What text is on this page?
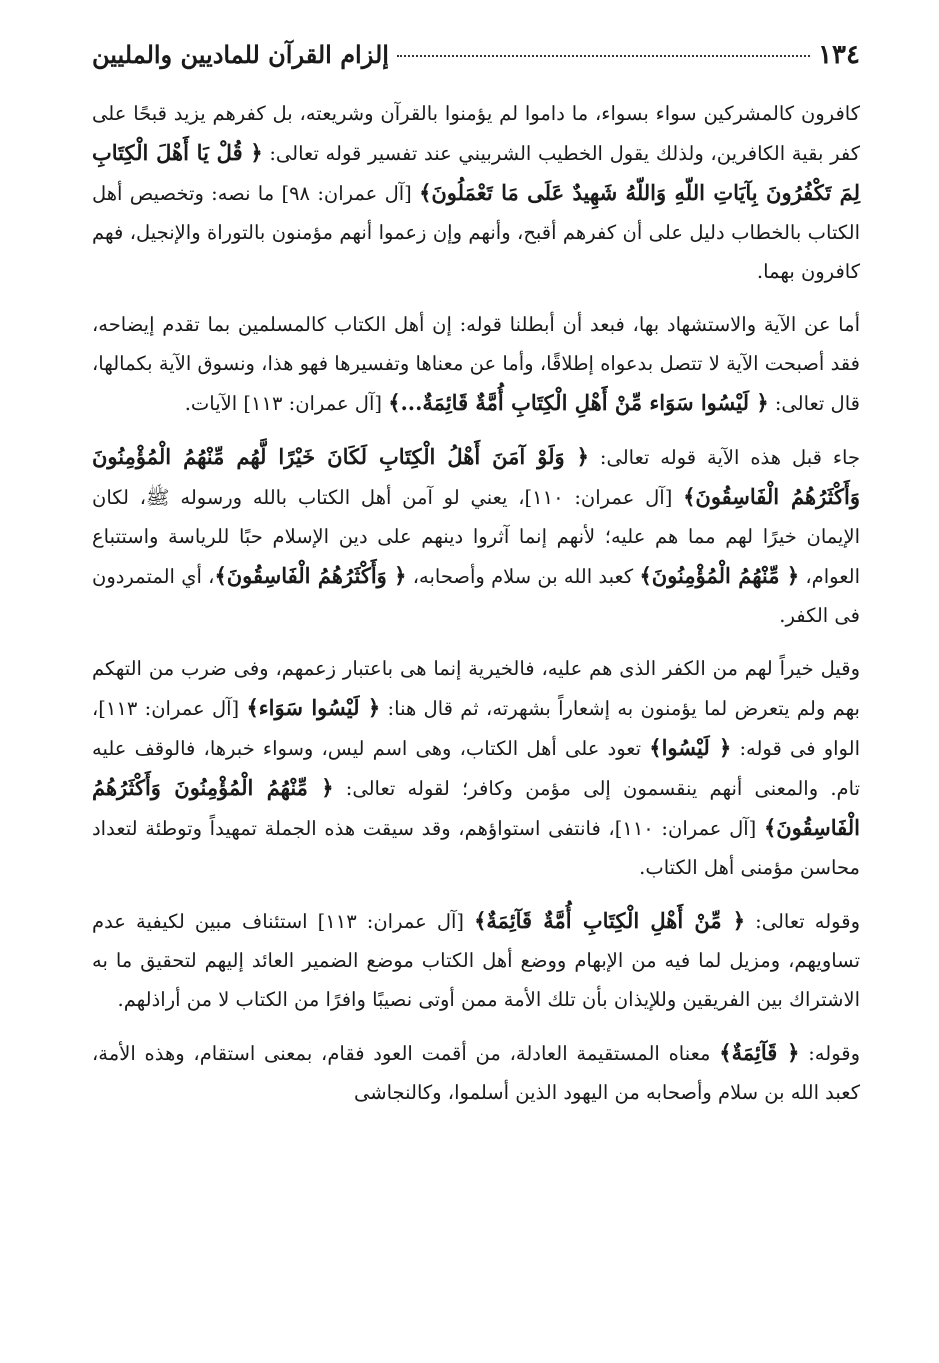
١٣٤
إلزام القرآن للماديين والمليين

كافرون كالمشركين سواء بسواء، ما داموا لم يؤمنوا بالقرآن وشريعته، بل كفرهم يزيد قبحًا على كفر بقية الكافرين، ولذلك يقول الخطيب الشربيني عند تفسير قوله تعالى: ﴿ قُلْ يَا أَهْلَ الْكِتَابِ لِمَ تَكْفُرُونَ بِآيَاتِ اللّهِ وَاللّهُ شَهِيدٌ عَلَى مَا تَعْمَلُونَ﴾ [آل عمران: ٩٨] ما نصه: وتخصيص أهل الكتاب بالخطاب دليل على أن كفرهم أقبح، وأنهم وإن زعموا أنهم مؤمنون بالتوراة والإنجيل، فهم كافرون بهما.

أما عن الآية والاستشهاد بها، فبعد أن أبطلنا قوله: إن أهل الكتاب كالمسلمين بما تقدم إيضاحه، فقد أصبحت الآية لا تتصل بدعواه إطلاقًا، وأما عن معناها وتفسيرها فهو هذا، ونسوق الآية بكمالها، قال تعالى: ﴿ لَيْسُوا سَوَاء مِّنْ أَهْلِ الْكِتَابِ أُمَّةٌ قَائِمَةٌ...﴾ [آل عمران: ١١٣] الآيات.

جاء قبل هذه الآية قوله تعالى: ﴿ وَلَوْ آمَنَ أَهْلُ الْكِتَابِ لَكَانَ خَيْرًا لَّهُم مِّنْهُمُ الْمُؤْمِنُونَ وَأَكْثَرُهُمُ الْفَاسِقُونَ﴾ [آل عمران: ١١٠]، يعني لو آمن أهل الكتاب بالله ورسوله ﷺ، لكان الإيمان خيرًا لهم مما هم عليه؛ لأنهم إنما آثروا دينهم على دين الإسلام حبًا للرياسة واستتباع العوام، ﴿ مِّنْهُمُ الْمُؤْمِنُونَ﴾ كعبد الله بن سلام وأصحابه، ﴿ وَأَكْثَرُهُمُ الْفَاسِقُونَ﴾، أي المتمردون فى الكفر.

وقيل خيراً لهم من الكفر الذى هم عليه، فالخيرية إنما هى باعتبار زعمهم، وفى ضرب من التهكم بهم ولم يتعرض لما يؤمنون به إشعاراً بشهرته، ثم قال هنا: ﴿ لَيْسُوا سَوَاء﴾ [آل عمران: ١١٣]، الواو فى قوله: ﴿ لَيْسُوا﴾ تعود على أهل الكتاب، وهى اسم ليس، وسواء خبرها، فالوقف عليه تام. والمعنى أنهم ينقسمون إلى مؤمن وكافر؛ لقوله تعالى: ﴿ مِّنْهُمُ الْمُؤْمِنُونَ وَأَكْثَرُهُمُ الْفَاسِقُونَ﴾ [آل عمران: ١١٠]، فانتفى استواؤهم، وقد سيقت هذه الجملة تمهيداً وتوطئة لتعداد محاسن مؤمنى أهل الكتاب.

وقوله تعالى: ﴿ مِّنْ أَهْلِ الْكِتَابِ أُمَّةٌ قَآئِمَةٌ﴾ [آل عمران: ١١٣] استئناف مبين لكيفية عدم تساويهم، ومزيل لما فيه من الإبهام ووضع أهل الكتاب موضع الضمير العائد إليهم لتحقيق ما به الاشتراك بين الفريقين وللإيذان بأن تلك الأمة ممن أوتى نصيبًا وافرًا من الكتاب لا من أراذلهم.

وقوله: ﴿ قَآئِمَةٌ﴾ معناه المستقيمة العادلة، من أقمت العود فقام، بمعنى استقام، وهذه الأمة، كعبد الله بن سلام وأصحابه من اليهود الذين أسلموا، وكالنجاشى
